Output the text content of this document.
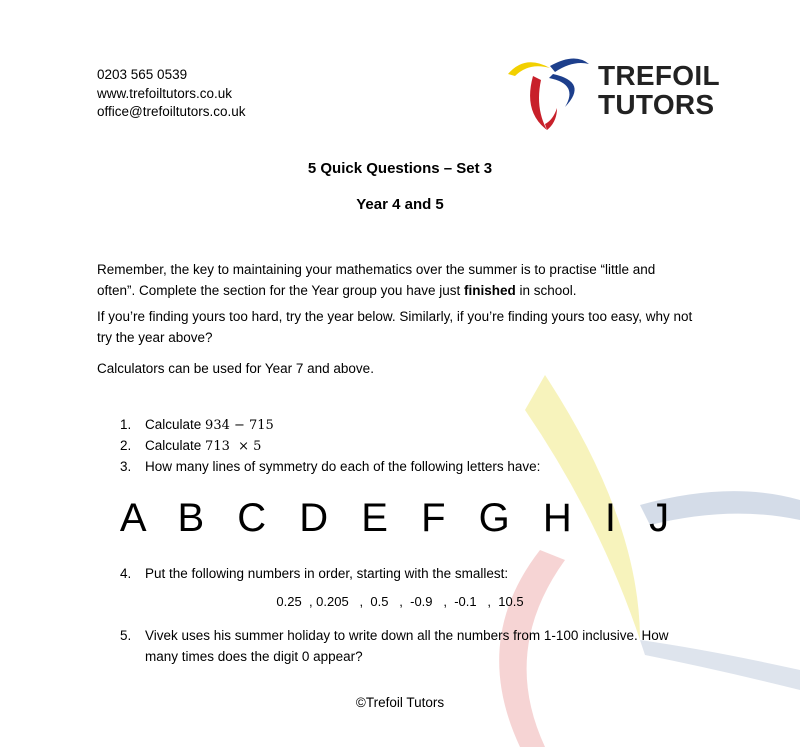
0203 565 0539
www.trefoiltutors.co.uk
office@trefoiltutors.co.uk
TREFOIL
TUTORS
5 Quick Questions – Set 3
Year 4 and 5
Remember, the key to maintaining your mathematics over the summer is to practise “little and often”. Complete the section for the Year group you have just finished in school.
If you’re finding yours too hard, try the year below. Similarly, if you’re finding yours too easy, why not try the year above?
Calculators can be used for Year 7 and above.
1. Calculate 934 − 715
2. Calculate 713  × 5
3. How many lines of symmetry do each of the following letters have:
A B C D E F G H I J
4. Put the following numbers in order, starting with the smallest:
0.25  , 0.205   ,  0.5   ,  -0.9   ,  -0.1   ,  10.5
5. Vivek uses his summer holiday to write down all the numbers from 1-100 inclusive. How many times does the digit 0 appear?
©Trefoil Tutors
